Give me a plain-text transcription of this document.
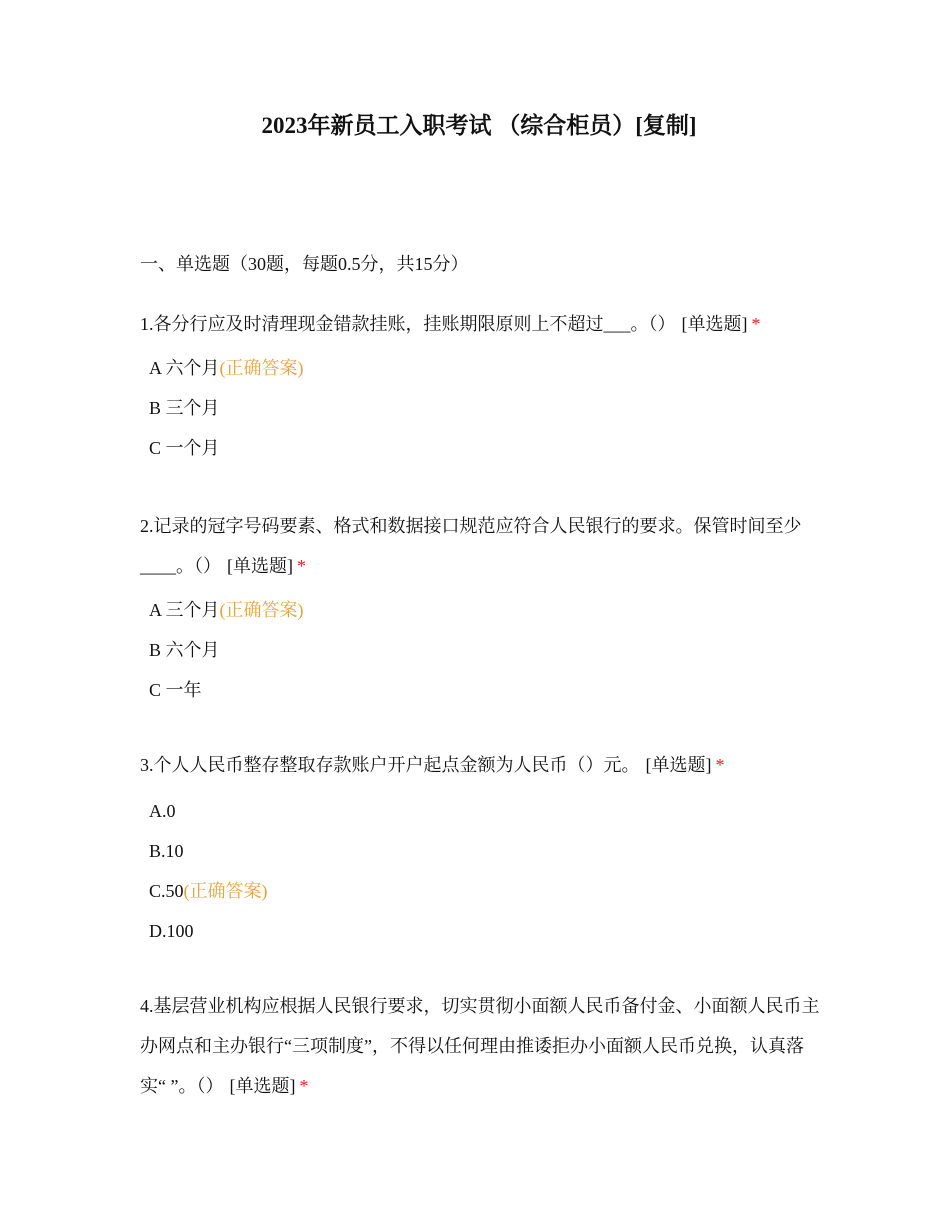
2023年新员工入职考试 （综合柜员）[复制]
一、单选题（30题，每题0.5分，共15分）

1.各分行应及时清理现金错款挂账，挂账期限原则上不超过___。（） [单选题] *

A 六个月(正确答案)
B 三个月
C 一个月

2.记录的冠字号码要素、格式和数据接口规范应符合人民银行的要求。保管时间至少____。（） [单选题] *

A 三个月(正确答案)
B 六个月
C 一年

3.个人人民币整存整取存款账户开户起点金额为人民币（）元。 [单选题] *

A.0
B.10
C.50(正确答案)
D.100

4.基层营业机构应根据人民银行要求，切实贯彻小面额人民币备付金、小面额人民币主办网点和主办银行“三项制度”，不得以任何理由推诿拒办小面额人民币兑换，认真落实“ ”。（） [单选题] *
